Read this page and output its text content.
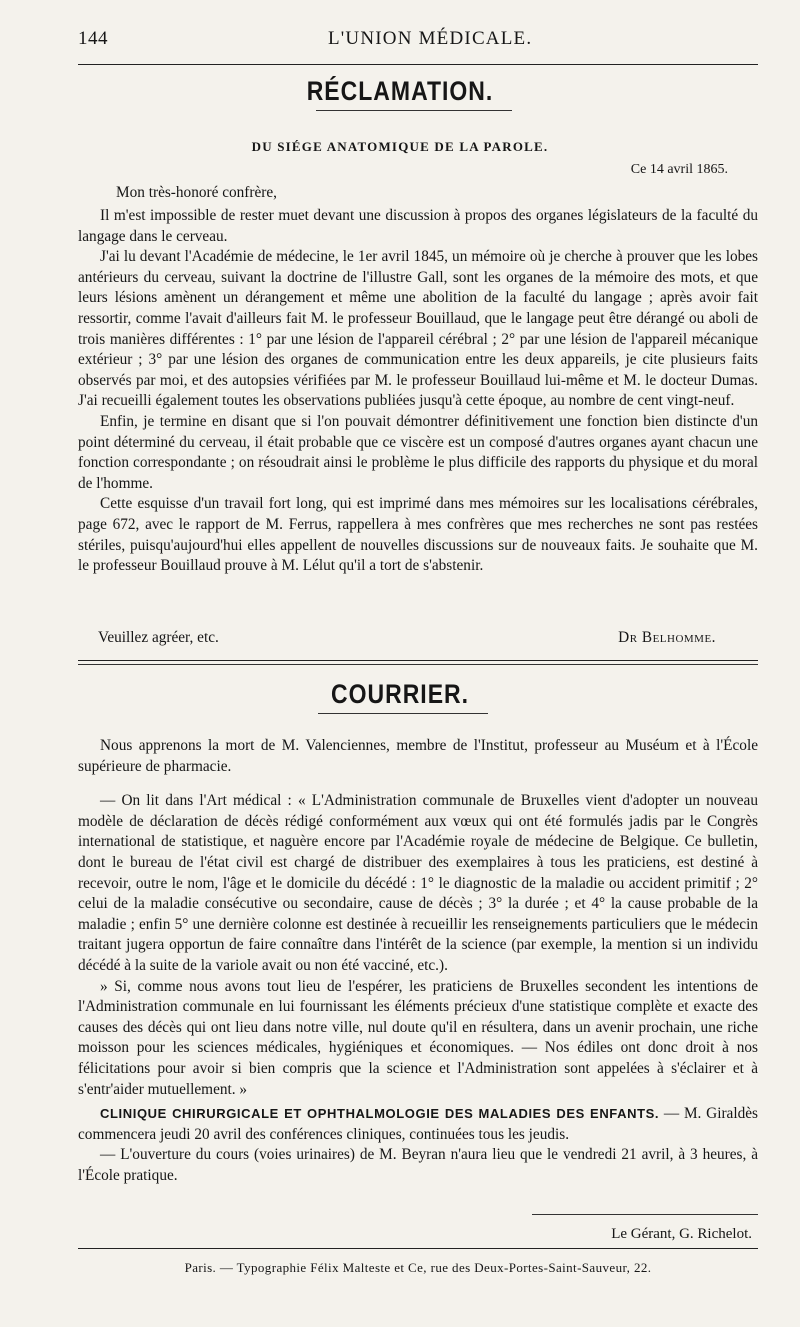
144	L'UNION MÉDICALE.
RÉCLAMATION.
DU SIÉGE ANATOMIQUE DE LA PAROLE.
Ce 14 avril 1865.
Mon très-honoré confrère,

Il m'est impossible de rester muet devant une discussion à propos des organes législateurs de la faculté du langage dans le cerveau.

J'ai lu devant l'Académie de médecine, le 1er avril 1845, un mémoire où je cherche à prouver que les lobes antérieurs du cerveau, suivant la doctrine de l'illustre Gall, sont les organes de la mémoire des mots, et que leurs lésions amènent un dérangement et même une abolition de la faculté du langage ; après avoir fait ressortir, comme l'avait d'ailleurs fait M. le professeur Bouillaud, que le langage peut être dérangé ou aboli de trois manières différentes : 1° par une lésion de l'appareil cérébral ; 2° par une lésion de l'appareil mécanique extérieur ; 3° par une lésion des organes de communication entre les deux appareils, je cite plusieurs faits observés par moi, et des autopsies vérifiées par M. le professeur Bouillaud lui-même et M. le docteur Dumas. J'ai recueilli également toutes les observations publiées jusqu'à cette époque, au nombre de cent vingt-neuf.

Enfin, je termine en disant que si l'on pouvait démontrer définitivement une fonction bien distincte d'un point déterminé du cerveau, il était probable que ce viscère est un composé d'autres organes ayant chacun une fonction correspondante ; on résoudrait ainsi le problème le plus difficile des rapports du physique et du moral de l'homme.

Cette esquisse d'un travail fort long, qui est imprimé dans mes mémoires sur les localisations cérébrales, page 672, avec le rapport de M. Ferrus, rappellera à mes confrères que mes recherches ne sont pas restées stériles, puisqu'aujourd'hui elles appellent de nouvelles discussions sur de nouveaux faits. Je souhaite que M. le professeur Bouillaud prouve à M. Lélut qu'il a tort de s'abstenir.

Veuillez agréer, etc.	Dr Belhomme.
COURRIER.

Nous apprenons la mort de M. Valenciennes, membre de l'Institut, professeur au Muséum et à l'École supérieure de pharmacie.

— On lit dans l'Art médical : « L'Administration communale de Bruxelles vient d'adopter un nouveau modèle de déclaration de décès rédigé conformément aux vœux qui ont été formulés jadis par le Congrès international de statistique, et naguère encore par l'Académie royale de médecine de Belgique. Ce bulletin, dont le bureau de l'état civil est chargé de distribuer des exemplaires à tous les praticiens, est destiné à recevoir, outre le nom, l'âge et le domicile du décédé : 1° le diagnostic de la maladie ou accident primitif ; 2° celui de la maladie consécutive ou secondaire, cause de décès ; 3° la durée ; et 4° la cause probable de la maladie ; enfin 5° une dernière colonne est destinée à recueillir les renseignements particuliers que le médecin traitant jugera opportun de faire connaître dans l'intérêt de la science (par exemple, la mention si un individu décédé à la suite de la variole avait ou non été vacciné, etc.).

» Si, comme nous avons tout lieu de l'espérer, les praticiens de Bruxelles secondent les intentions de l'Administration communale en lui fournissant les éléments précieux d'une statistique complète et exacte des causes des décès qui ont lieu dans notre ville, nul doute qu'il en résultera, dans un avenir prochain, une riche moisson pour les sciences médicales, hygiéniques et économiques. — Nos édiles ont donc droit à nos félicitations pour avoir si bien compris que la science et l'Administration sont appelées à s'éclairer et à s'entr'aider mutuellement. »

CLINIQUE CHIRURGICALE ET OPHTHALMOLOGIE DES MALADIES DES ENFANTS. — M. Giraldès commencera jeudi 20 avril des conférences cliniques, continuées tous les jeudis.

— L'ouverture du cours (voies urinaires) de M. Beyran n'aura lieu que le vendredi 21 avril, à 3 heures, à l'École pratique.

Le Gérant, G. Richelot.
Paris. — Typographie Félix Malteste et Ce, rue des Deux-Portes-Saint-Sauveur, 22.
